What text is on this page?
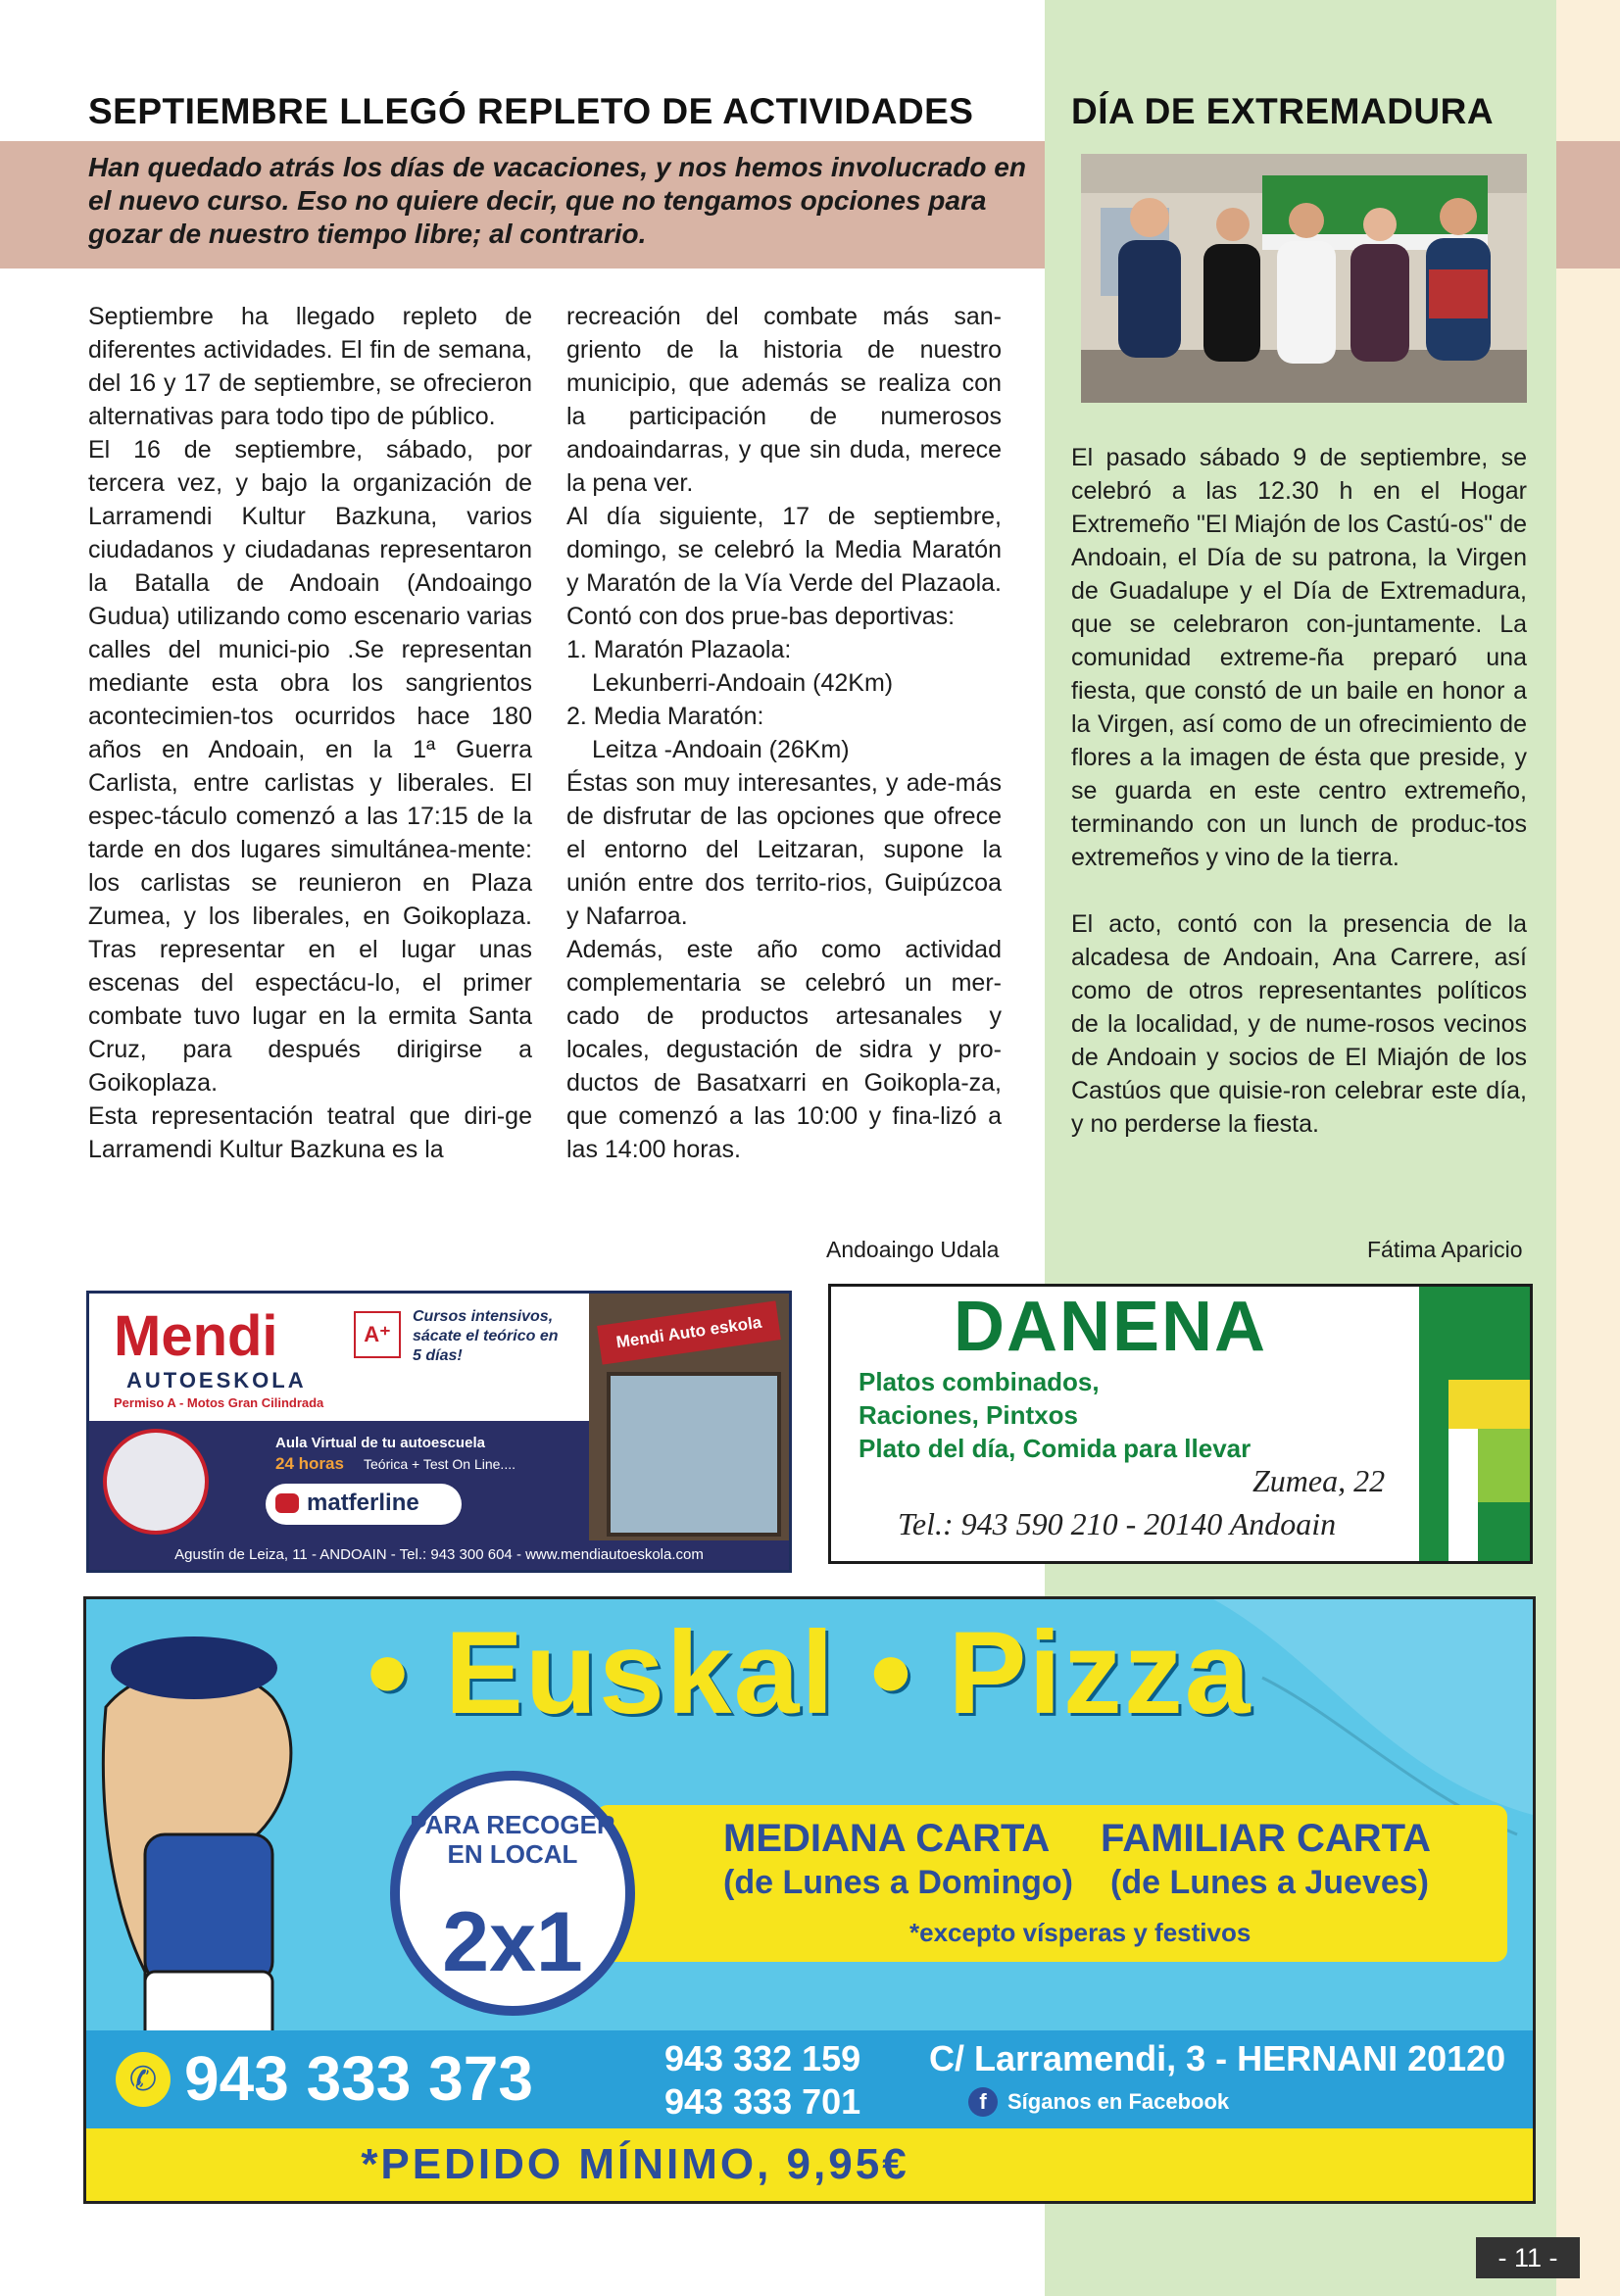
SEPTIEMBRE LLEGÓ REPLETO DE ACTIVIDADES

Han quedado atrás los días de vacaciones, y nos hemos involucrado en el nuevo curso. Eso no quiere decir, que no tengamos opciones para gozar de nuestro tiempo libre; al contrario.

Septiembre ha llegado repleto de diferentes actividades. El fin de semana, del 16 y 17 de septiembre, se ofrecieron alternativas para todo tipo de público.

El 16 de septiembre, sábado, por tercera vez, y bajo la organización de Larramendi Kultur Bazkuna, varios ciudadanos y ciudadanas representaron la Batalla de Andoain (Andoaingo Gudua) utilizando como escenario varias calles del munici-pio .Se representan mediante esta obra los sangrientos acontecimien-tos ocurridos hace 180 años en Andoain, en la 1ª Guerra Carlista, entre carlistas y liberales. El espec-táculo comenzó a las 17:15 de la tarde en dos lugares simultánea-mente: los carlistas se reunieron en Plaza Zumea, y los liberales, en Goikoplaza. Tras representar en el lugar unas escenas del espectácu-lo, el primer combate tuvo lugar en la ermita Santa Cruz, para después dirigirse a Goikoplaza.

Esta representación teatral que diri-ge Larramendi Kultur Bazkuna es la

recreación del combate más san-griento de la historia de nuestro municipio, que además se realiza con la participación de numerosos andoaindarras, y que sin duda, merece la pena ver.

Al día siguiente, 17 de septiembre, domingo, se celebró la Media Maratón y Maratón de la Vía Verde del Plazaola. Contó con dos prue-bas deportivas:

1. Maratón Plazaola:

Lekunberri-Andoain (42Km)

2. Media Maratón:

Leitza -Andoain (26Km)

Éstas son muy interesantes, y ade-más de disfrutar de las opciones que ofrece el entorno del Leitzaran, supone la unión entre dos territo-rios, Guipúzcoa y Nafarroa.

Además, este año como actividad complementaria se celebró un mer-cado de productos artesanales y locales, degustación de sidra y pro-ductos de Basatxarri en Goikopla-za, que comenzó a las 10:00 y fina-lizó a las 14:00 horas.

Andoaingo Udala
DÍA DE EXTREMADURA

El pasado sábado 9 de septiembre, se celebró a las 12.30 h en el Hogar Extremeño "El Miajón de los Castú-os" de Andoain, el Día de su patrona, la Virgen de Guadalupe y el Día de Extremadura, que se celebraron con-juntamente. La comunidad extreme-ña preparó una fiesta, que constó de un baile en honor a la Virgen, así como de un ofrecimiento de flores a la imagen de ésta que preside, y se guarda en este centro extremeño, terminando con un lunch de produc-tos extremeños y vino de la tierra.

El acto, contó con la presencia de la alcadesa de Andoain, Ana Carrere, así como de otros representantes políticos de la localidad, y de nume-rosos vecinos de Andoain y socios de El Miajón de los Castúos que quisie-ron celebrar este día, y no perderse la fiesta.

Fátima Aparicio
Mendi
AUTOESKOLA
Permiso A - Motos Gran Cilindrada
A⁺
Cursos intensivos, sácate el teórico en 5 días!
Aula Virtual de tu autoescuela
24 horas Teórica + Test On Line....
matferline
Mendi Auto eskola
Agustín de Leiza, 11 - ANDOAIN - Tel.: 943 300 604 - www.mendiautoeskola.com
DANENA
Platos combinados,
Raciones, Pintxos
Plato del día, Comida para llevar
Zumea, 22
Tel.: 943 590 210 - 20140 Andoain
• Euskal • Pizza
MEDIANA CARTA
(de Lunes a Domingo)
FAMILIAR CARTA
(de Lunes a Jueves)
*excepto vísperas y festivos
PARA RECOGER EN LOCAL
2x1
✆ 943 333 373	943 332 159
943 333 701
C/ Larramendi, 3 - HERNANI 20120
f Síganos en Facebook
*PEDIDO MÍNIMO, 9,95€
- 11 -
